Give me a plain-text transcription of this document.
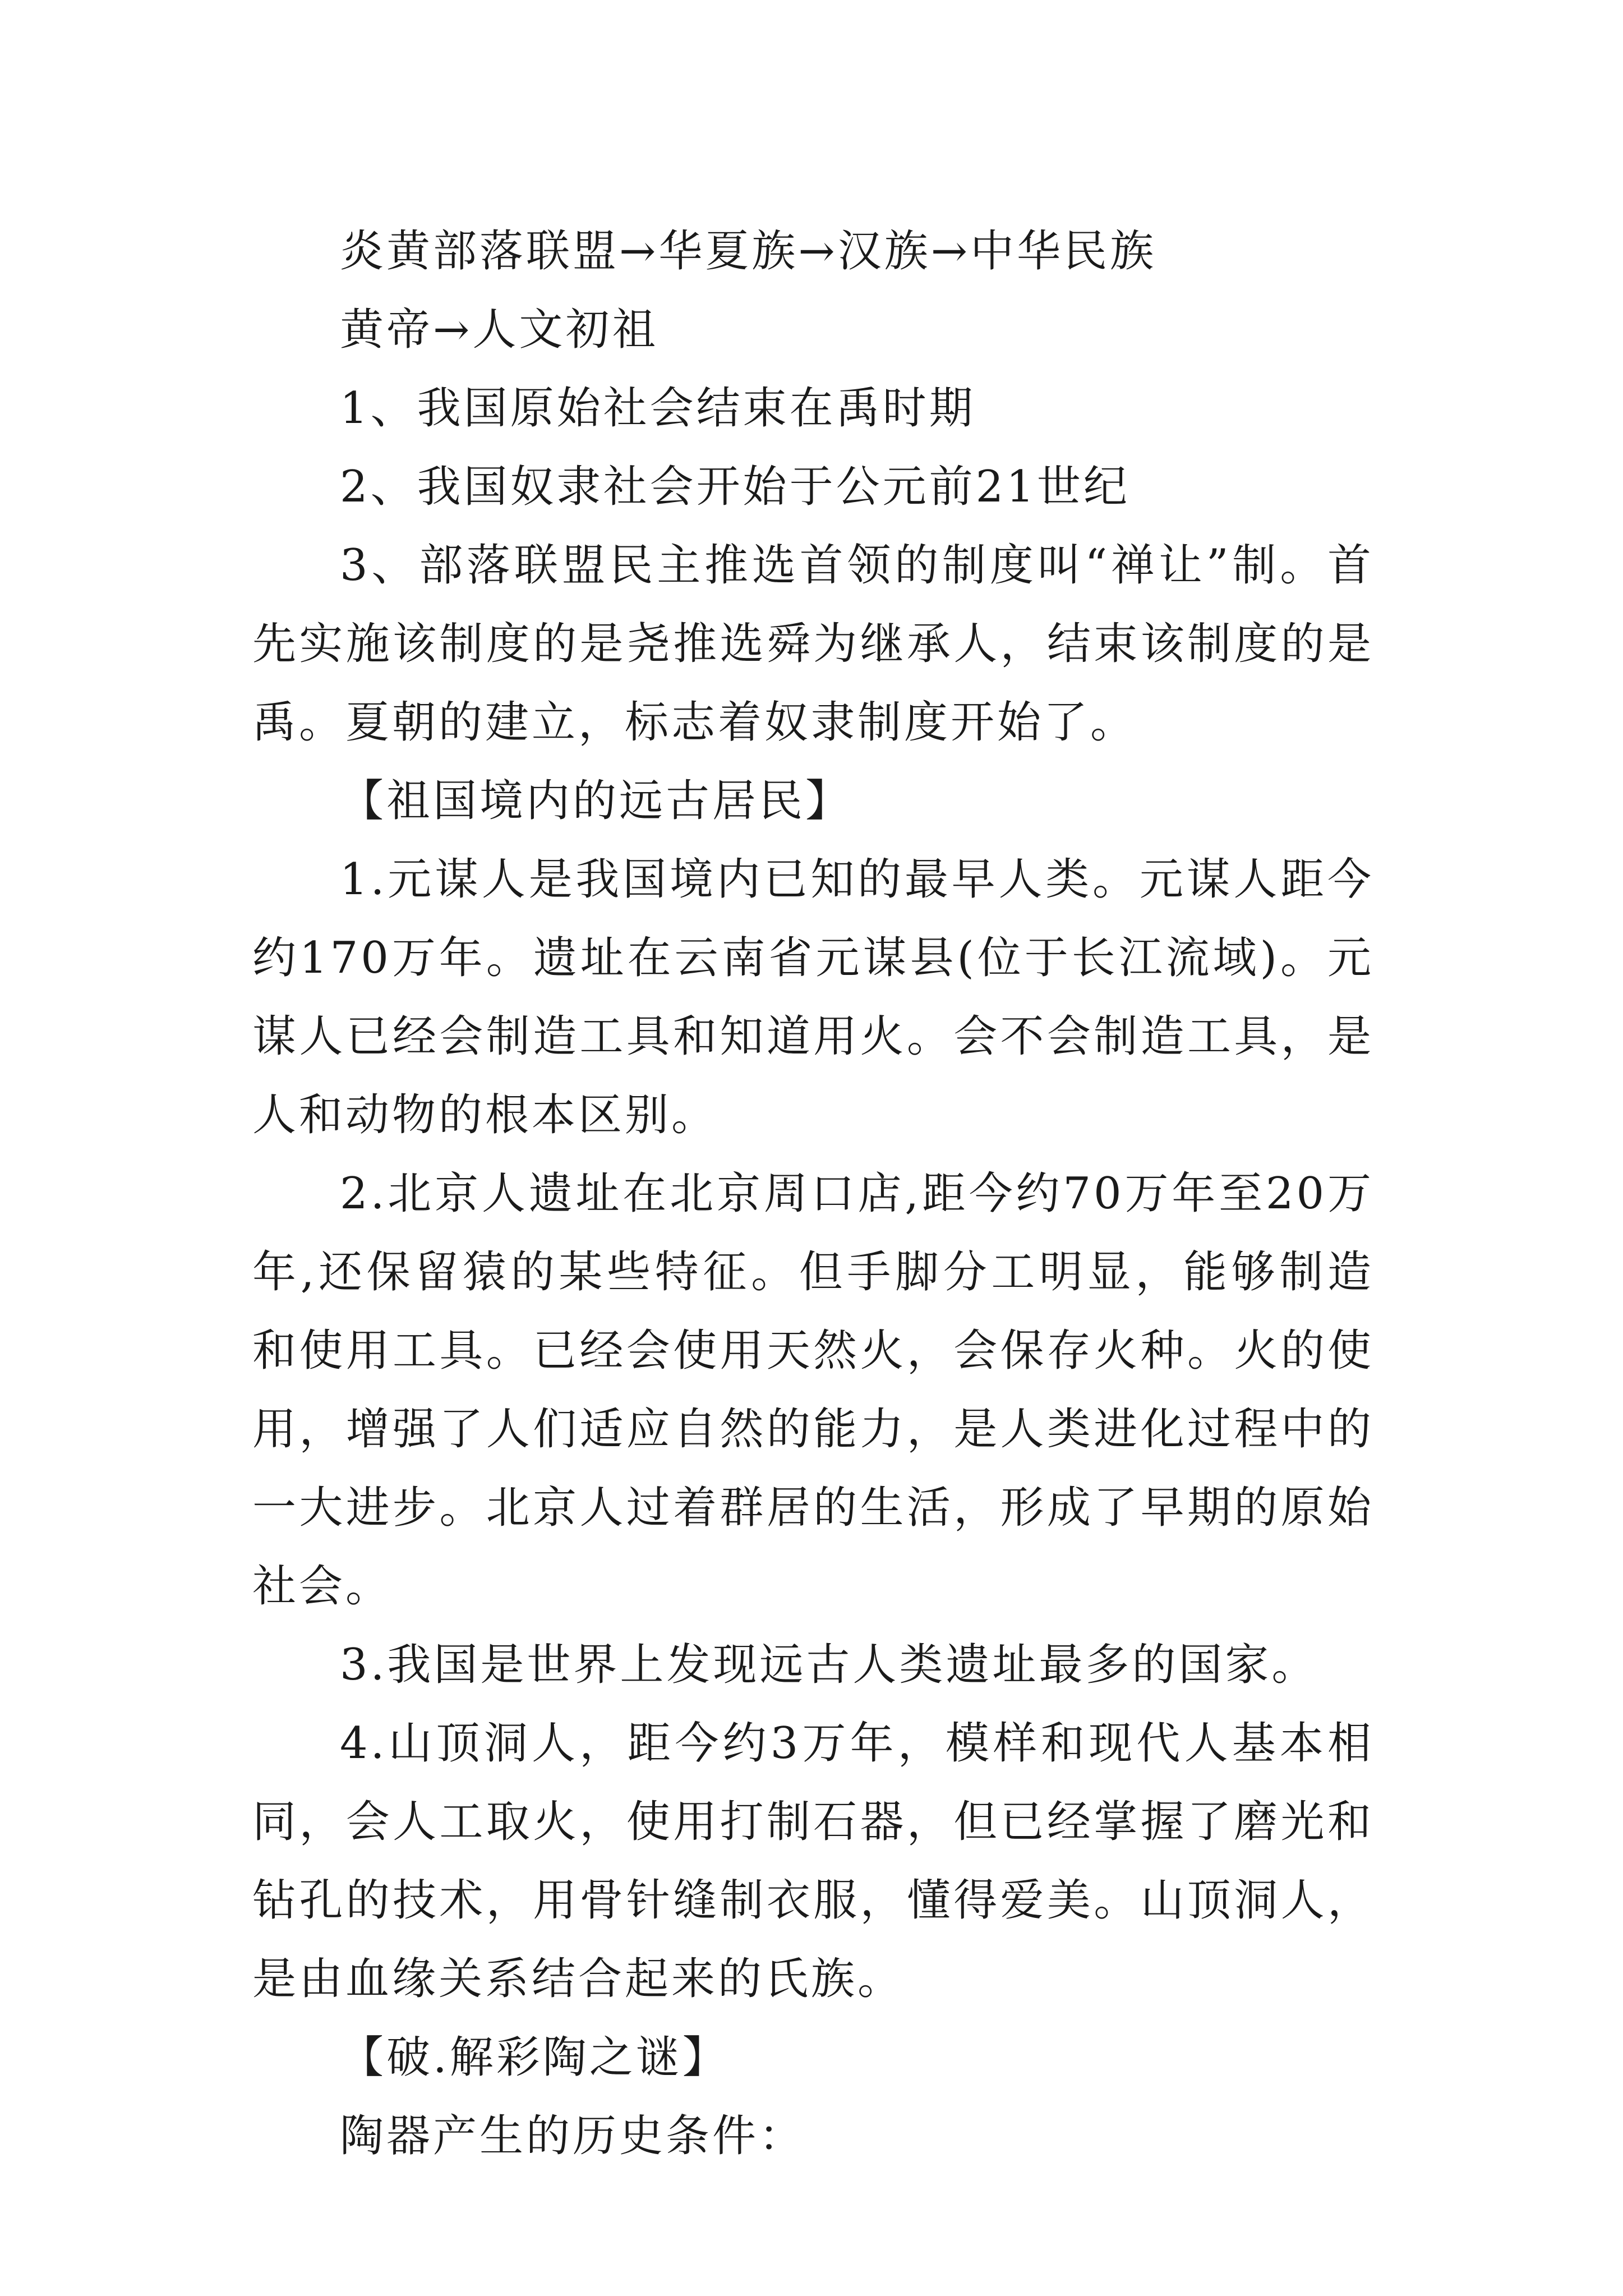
炎黄部落联盟→华夏族→汉族→中华民族

黄帝→人文初祖

1、我国原始社会结束在禹时期

2、我国奴隶社会开始于公元前21世纪

3、部落联盟民主推选首领的制度叫“禅让”制。首先实施该制度的是尧推选舜为继承人，结束该制度的是禹。夏朝的建立，标志着奴隶制度开始了。

【祖国境内的远古居民】

1.元谋人是我国境内已知的最早人类。元谋人距今约170万年。遗址在云南省元谋县(位于长江流域)。元谋人已经会制造工具和知道用火。会不会制造工具，是人和动物的根本区别。

2.北京人遗址在北京周口店,距今约70万年至20万年,还保留猿的某些特征。但手脚分工明显，能够制造和使用工具。已经会使用天然火，会保存火种。火的使用，增强了人们适应自然的能力，是人类进化过程中的一大进步。北京人过着群居的生活，形成了早期的原始社会。

3.我国是世界上发现远古人类遗址最多的国家。

4.山顶洞人，距今约3万年，模样和现代人基本相同，会人工取火，使用打制石器，但已经掌握了磨光和钻孔的技术，用骨针缝制衣服，懂得爱美。山顶洞人，是由血缘关系结合起来的氏族。

【破.解彩陶之谜】

陶器产生的历史条件：
